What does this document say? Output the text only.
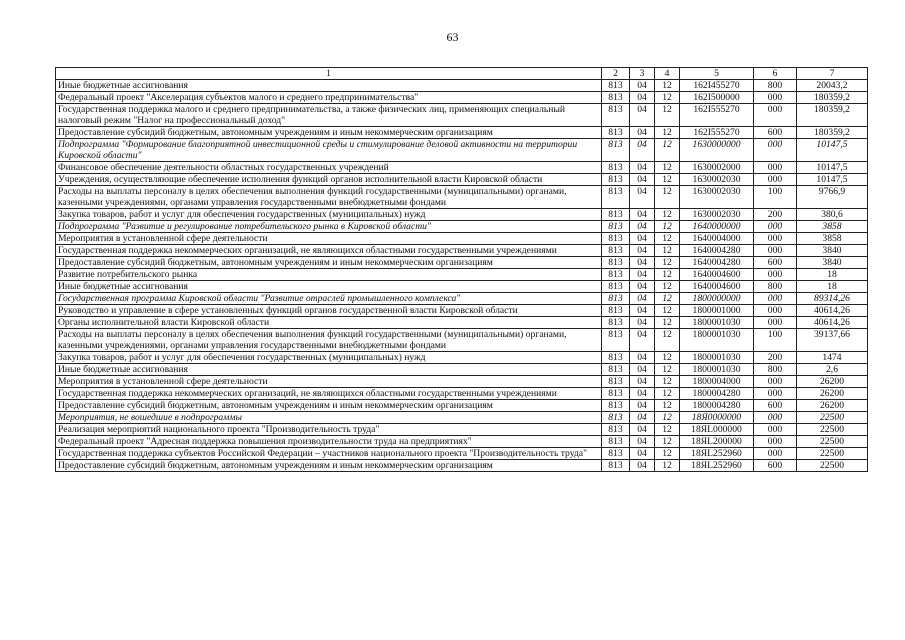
63
1	2	3	4	5	6	7
Иные бюджетные ассигнования	813	04	12	162I455270	800	20043,2
Федеральный проект "Акселерация субъектов малого и среднего предпринимательства"	813	04	12	162I500000	000	180359,2
Государственная поддержка малого и среднего предпринимательства, а также физических лиц, применяющих специальный налоговый режим "Налог на профессиональный доход"	813	04	12	162I555270	000	180359,2
Предоставление субсидий бюджетным, автономным учреждениям и иным некоммерческим организациям	813	04	12	162I555270	600	180359,2
Подпрограмма "Формирование благоприятной инвестиционной среды и стимулирование деловой активности на территории Кировской области"	813	04	12	1630000000	000	10147,5
Финансовое обеспечение деятельности областных государственных учреждений	813	04	12	1630002000	000	10147,5
Учреждения, осуществляющие обеспечение исполнения функций органов исполнительной власти Кировской области	813	04	12	1630002030	000	10147,5
Расходы на выплаты персоналу в целях обеспечения выполнения функций государственными (муниципальными) органами, казенными учреждениями, органами управления государственными внебюджетными фондами	813	04	12	1630002030	100	9766,9
Закупка товаров, работ и услуг для обеспечения государственных (муниципальных) нужд	813	04	12	1630002030	200	380,6
Подпрограмма "Развитие и регулирование потребительского рынка в Кировской области"	813	04	12	1640000000	000	3858
Мероприятия в установленной сфере деятельности	813	04	12	1640004000	000	3858
Государственная поддержка некоммерческих организаций, не являющихся областными государственными учреждениями	813	04	12	1640004280	000	3840
Предоставление субсидий бюджетным, автономным учреждениям и иным некоммерческим организациям	813	04	12	1640004280	600	3840
Развитие потребительского рынка	813	04	12	1640004600	000	18
Иные бюджетные ассигнования	813	04	12	1640004600	800	18
Государственная программа Кировской области "Развитие отраслей промышленного комплекса"	813	04	12	1800000000	000	89314,26
Руководство и управление в сфере установленных функций органов государственной власти Кировской области	813	04	12	1800001000	000	40614,26
Органы исполнительной власти Кировской области	813	04	12	1800001030	000	40614,26
Расходы на выплаты персоналу в целях обеспечения выполнения функций государственными (муниципальными) органами, казенными учреждениями, органами управления государственными внебюджетными фондами	813	04	12	1800001030	100	39137,66
Закупка товаров, работ и услуг для обеспечения государственных (муниципальных) нужд	813	04	12	1800001030	200	1474
Иные бюджетные ассигнования	813	04	12	1800001030	800	2,6
Мероприятия в установленной сфере деятельности	813	04	12	1800004000	000	26200
Государственная поддержка некоммерческих организаций, не являющихся областными государственными учреждениями	813	04	12	1800004280	000	26200
Предоставление субсидий бюджетным, автономным учреждениям и иным некоммерческим организациям	813	04	12	1800004280	600	26200
Мероприятия, не вошедшие в подпрограммы	813	04	12	18Я0000000	000	22500
Реализация мероприятий национального проекта "Производительность труда"	813	04	12	18ЯL000000	000	22500
Федеральный проект "Адресная поддержка повышения производительности труда на предприятиях"	813	04	12	18ЯL200000	000	22500
Государственная поддержка субъектов Российской Федерации – участников национального проекта "Производительность труда"	813	04	12	18ЯL252960	000	22500
Предоставление субсидий бюджетным, автономным учреждениям и иным некоммерческим организациям	813	04	12	18ЯL252960	600	22500
